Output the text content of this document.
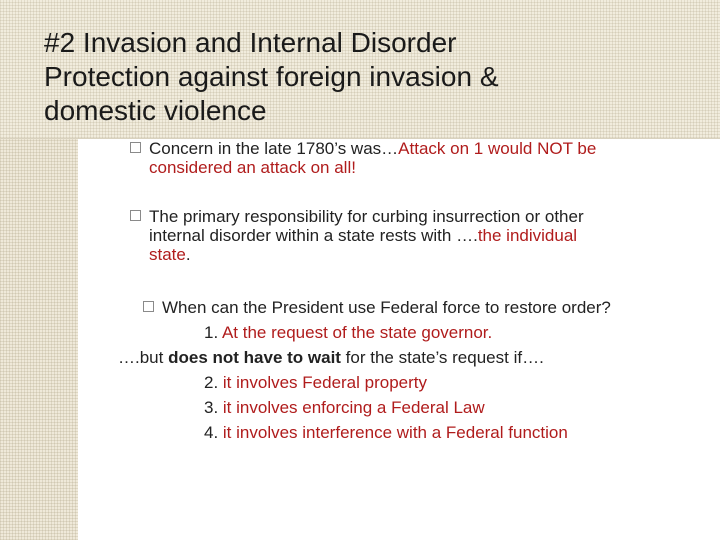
#2 Invasion and Internal Disorder
Protection against foreign invasion &
domestic violence
Concern in the late 1780’s was…Attack on 1 would NOT be
considered an attack on all!
The primary responsibility for curbing insurrection or other
internal disorder within a state rests with ….the individual
state.
When can the President use Federal force to restore order?
1. At the request of the state governor.
….but does not have to wait for the state’s request if….
2. it involves Federal property
3. it involves enforcing a Federal Law
4. it involves interference with a Federal function
